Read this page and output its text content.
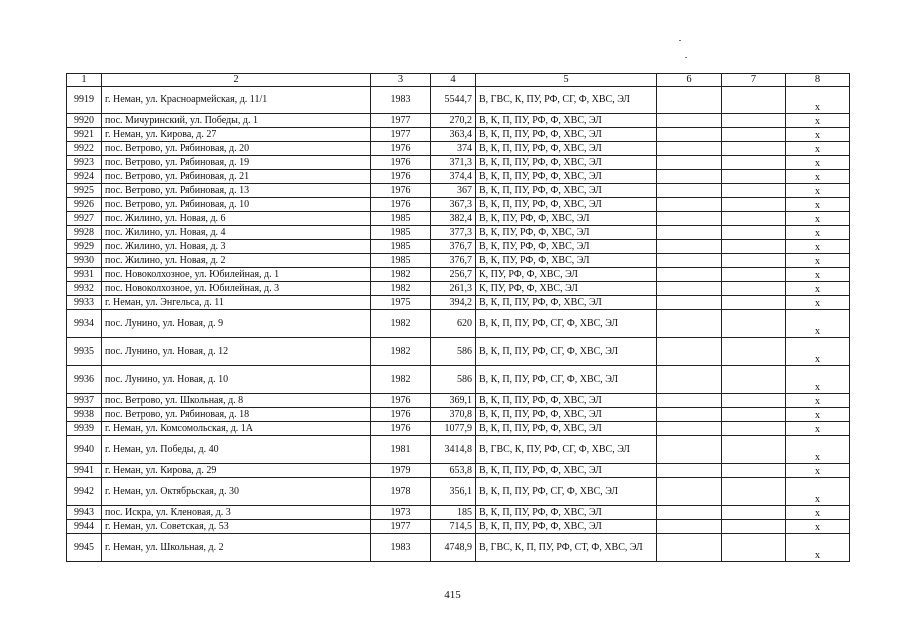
1	2	3	4	5	6	7	8
9919	г. Неман, ул. Красноармейская, д. 11/1	1983	5544,7	В, ГВС, К, ПУ, РФ, СГ, Ф, ХВС, ЭЛ			х
9920	пос. Мичуринский, ул. Победы, д. 1	1977	270,2	В, К, П, ПУ, РФ, Ф, ХВС, ЭЛ			х
9921	г. Неман, ул. Кирова, д. 27	1977	363,4	В, К, П, ПУ, РФ, Ф, ХВС, ЭЛ			х
9922	пос. Ветрово, ул. Рябиновая, д. 20	1976	374	В, К, П, ПУ, РФ, Ф, ХВС, ЭЛ			х
9923	пос. Ветрово, ул. Рябиновая, д. 19	1976	371,3	В, К, П, ПУ, РФ, Ф, ХВС, ЭЛ			х
9924	пос. Ветрово, ул. Рябиновая, д. 21	1976	374,4	В, К, П, ПУ, РФ, Ф, ХВС, ЭЛ			х
9925	пос. Ветрово, ул. Рябиновая, д. 13	1976	367	В, К, П, ПУ, РФ, Ф, ХВС, ЭЛ			х
9926	пос. Ветрово, ул. Рябиновая, д. 10	1976	367,3	В, К, П, ПУ, РФ, Ф, ХВС, ЭЛ			х
9927	пос. Жилино, ул. Новая, д. 6	1985	382,4	В, К, ПУ, РФ, Ф, ХВС, ЭЛ			х
9928	пос. Жилино, ул. Новая, д. 4	1985	377,3	В, К, ПУ, РФ, Ф, ХВС, ЭЛ			х
9929	пос. Жилино, ул. Новая, д. 3	1985	376,7	В, К, ПУ, РФ, Ф, ХВС, ЭЛ			х
9930	пос. Жилино, ул. Новая, д. 2	1985	376,7	В, К, ПУ, РФ, Ф, ХВС, ЭЛ			х
9931	пос. Новоколхозное, ул. Юбилейная, д. 1	1982	256,7	К, ПУ, РФ, Ф, ХВС, ЭЛ			х
9932	пос. Новоколхозное, ул. Юбилейная, д. 3	1982	261,3	К, ПУ, РФ, Ф, ХВС, ЭЛ			х
9933	г. Неман, ул. Энгельса, д. 11	1975	394,2	В, К, П, ПУ, РФ, Ф, ХВС, ЭЛ			х
9934	пос. Лунино, ул. Новая, д. 9	1982	620	В, К, П, ПУ, РФ, СГ, Ф, ХВС, ЭЛ			х
9935	пос. Лунино, ул. Новая, д. 12	1982	586	В, К, П, ПУ, РФ, СГ, Ф, ХВС, ЭЛ			х
9936	пос. Лунино, ул. Новая, д. 10	1982	586	В, К, П, ПУ, РФ, СГ, Ф, ХВС, ЭЛ			х
9937	пос. Ветрово, ул. Школьная, д. 8	1976	369,1	В, К, П, ПУ, РФ, Ф, ХВС, ЭЛ			х
9938	пос. Ветрово, ул. Рябиновая, д. 18	1976	370,8	В, К, П, ПУ, РФ, Ф, ХВС, ЭЛ			х
9939	г. Неман, ул. Комсомольская, д. 1А	1976	1077,9	В, К, П, ПУ, РФ, Ф, ХВС, ЭЛ			х
9940	г. Неман, ул. Победы, д. 40	1981	3414,8	В, ГВС, К, ПУ, РФ, СГ, Ф, ХВС, ЭЛ			х
9941	г. Неман, ул. Кирова, д. 29	1979	653,8	В, К, П, ПУ, РФ, Ф, ХВС, ЭЛ			х
9942	г. Неман, ул. Октябрьская, д. 30	1978	356,1	В, К, П, ПУ, РФ, СГ, Ф, ХВС, ЭЛ			х
9943	пос. Искра, ул. Кленовая, д. 3	1973	185	В, К, П, ПУ, РФ, Ф, ХВС, ЭЛ			х
9944	г. Неман, ул. Советская, д. 53	1977	714,5	В, К, П, ПУ, РФ, Ф, ХВС, ЭЛ			х
9945	г. Неман, ул. Школьная, д. 2	1983	4748,9	В, ГВС, К, П, ПУ, РФ, СТ, Ф, ХВС, ЭЛ			х
415
